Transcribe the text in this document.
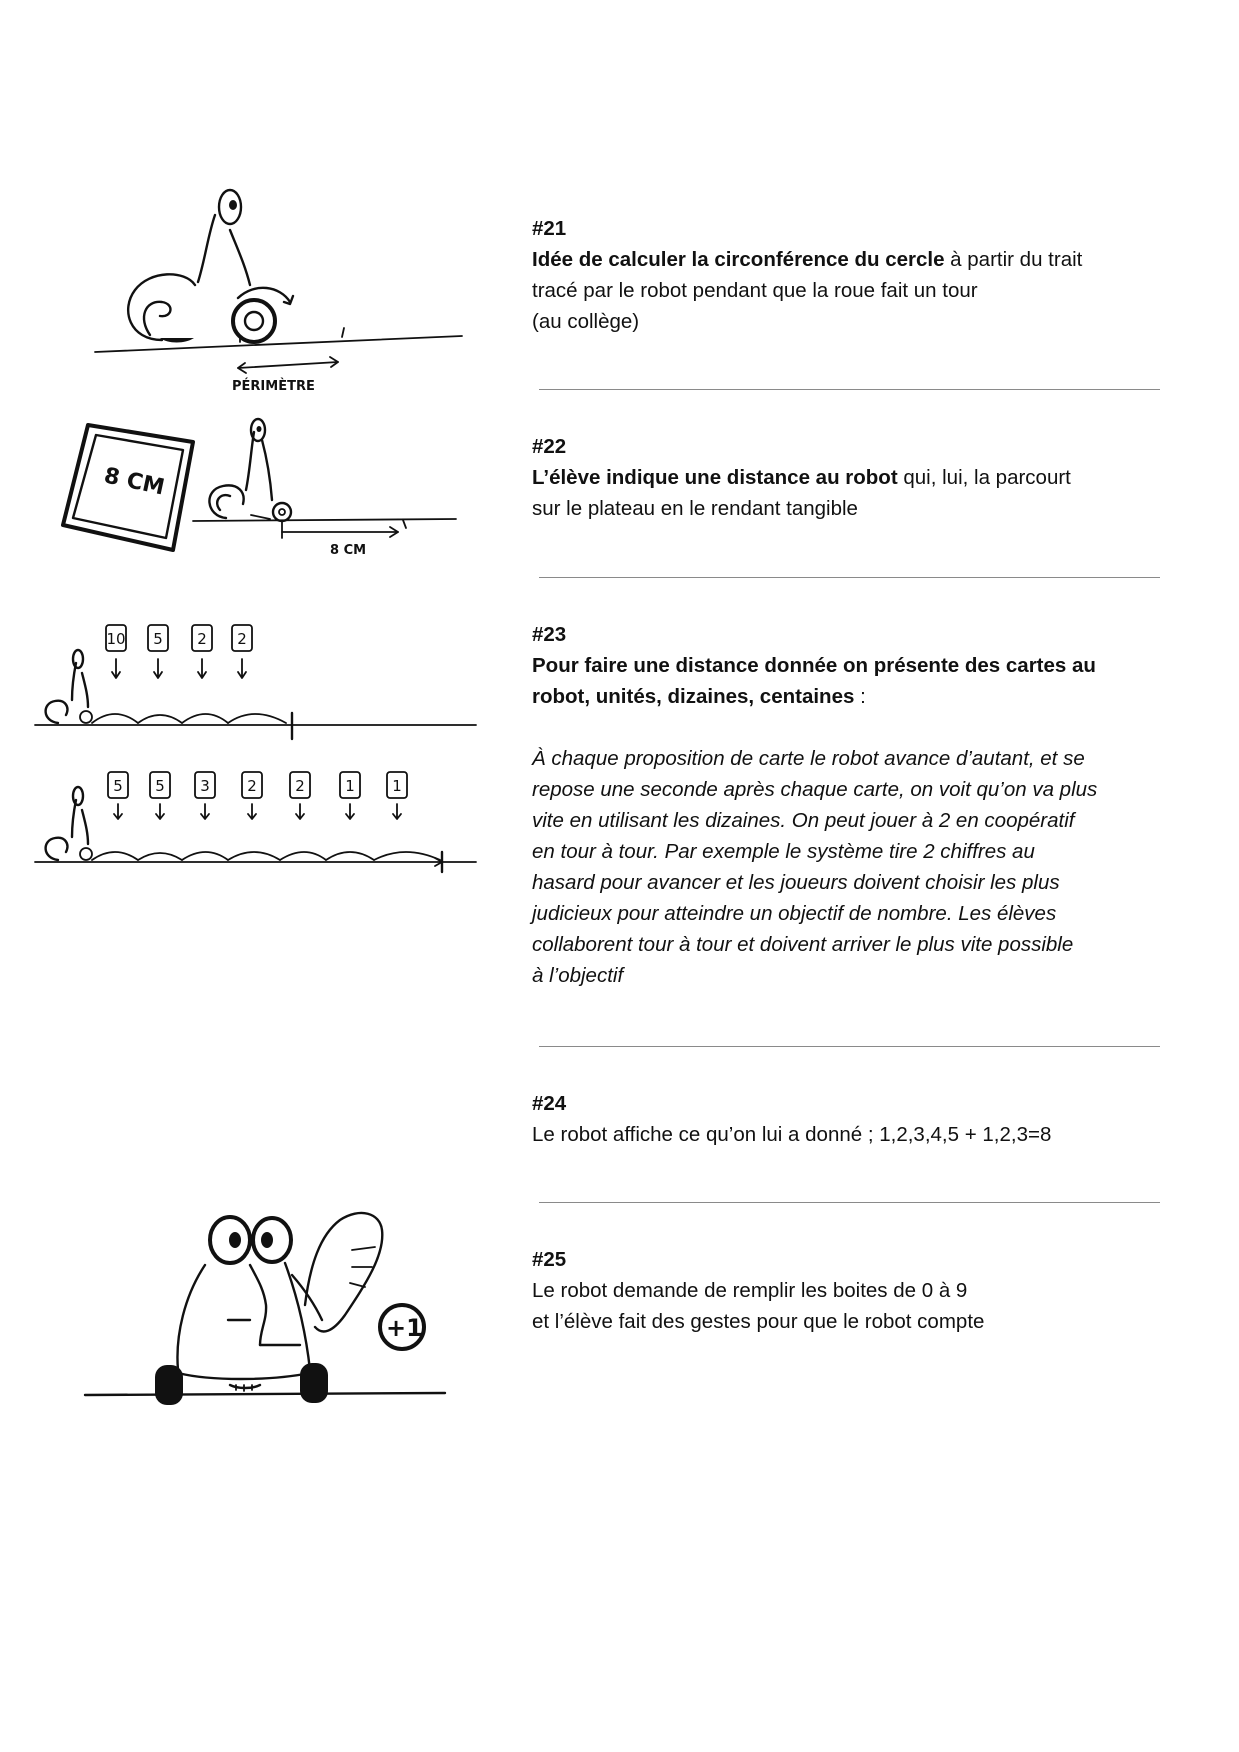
PÉRIMÈTRE
8 CM
8 CM
10 5 2 2
5 5 3 2	2	1 1
+1

#21

Idée de calculer la circonférence du cercle à partir du trait

tracé par le robot pendant que la roue fait un tour

(au collège)

#22

L’élève indique une distance au robot qui, lui, la parcourt

sur le plateau en le rendant tangible

#23

Pour faire une distance donnée on présente des cartes au

robot, unités, dizaines, centaines :

À chaque proposition de carte le robot avance d’autant, et se

repose une seconde après chaque carte, on voit qu’on va plus

vite en utilisant les dizaines. On peut jouer à 2 en coopératif

en tour à tour. Par exemple le système tire 2 chiffres au

hasard pour avancer et les joueurs doivent choisir les plus

judicieux pour atteindre un objectif de nombre. Les élèves

collaborent tour à tour et doivent arriver le plus vite possible

à l’objectif

#24

Le robot affiche ce qu’on lui a donné ; 1,2,3,4,5 + 1,2,3=8

#25

Le robot demande de remplir les boites de 0 à 9

et l’élève fait des gestes pour que le robot compte
